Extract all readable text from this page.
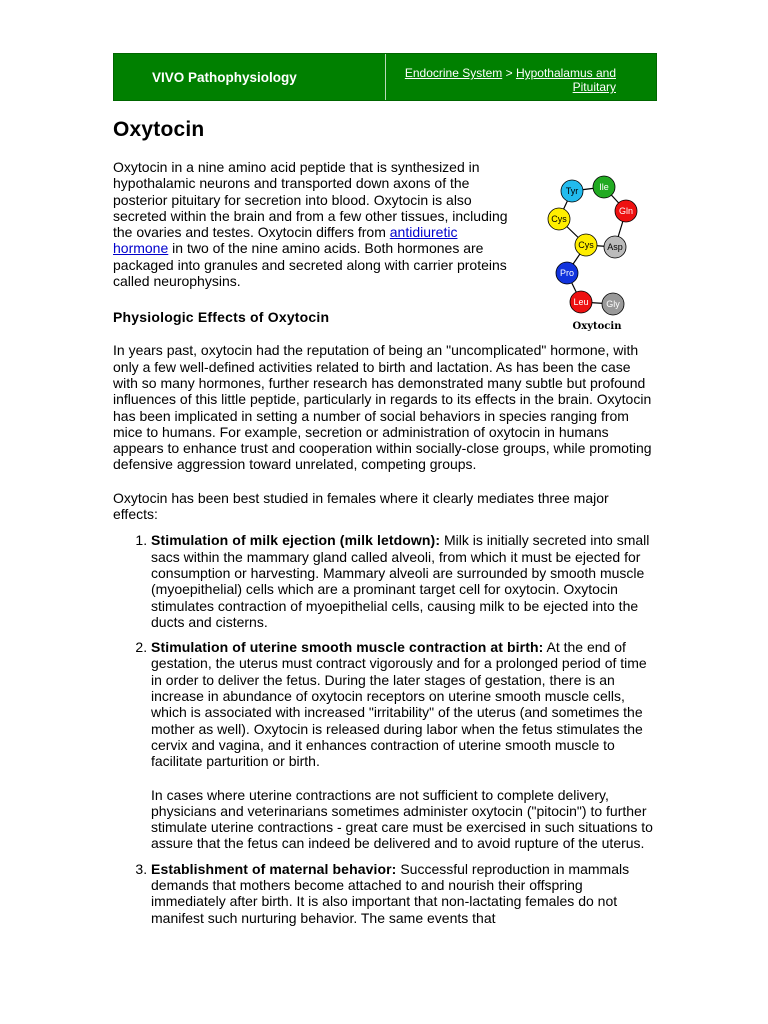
VIVO Pathophysiology	Endocrine System > Hypothalamus and Pituitary
Oxytocin

Oxytocin in a nine amino acid peptide that is synthesized in hypothalamic neurons and transported down axons of the posterior pituitary for secretion into blood. Oxytocin is also secreted within the brain and from a few other tissues, including the ovaries and testes. Oxytocin differs from antidiuretic hormone in two of the nine amino acids. Both hormones are packaged into granules and secreted along with carrier proteins called neurophysins.

Tyr Ile
Gln
Cys
Asp
Cys
Pro
Leu Gly
Oxytocin
Physiologic Effects of Oxytocin

In years past, oxytocin had the reputation of being an "uncomplicated" hormone, with only a few well-defined activities related to birth and lactation. As has been the case with so many hormones, further research has demonstrated many subtle but profound influences of this little peptide, particularly in regards to its effects in the brain. Oxytocin has been implicated in setting a number of social behaviors in species ranging from mice to humans. For example, secretion or administration of oxytocin in humans appears to enhance trust and cooperation within socially-close groups, while promoting defensive aggression toward unrelated, competing groups.

Oxytocin has been best studied in females where it clearly mediates three major effects:

1. Stimulation of milk ejection (milk letdown): Milk is initially secreted into small sacs within the mammary gland called alveoli, from which it must be ejected for consumption or harvesting. Mammary alveoli are surrounded by smooth muscle (myoepithelial) cells which are a prominant target cell for oxytocin. Oxytocin stimulates contraction of myoepithelial cells, causing milk to be ejected into the ducts and cisterns.
2. Stimulation of uterine smooth muscle contraction at birth: At the end of gestation, the uterus must contract vigorously and for a prolonged period of time in order to deliver the fetus. During the later stages of gestation, there is an increase in abundance of oxytocin receptors on uterine smooth muscle cells, which is associated with increased "irritability" of the uterus (and sometimes the mother as well). Oxytocin is released during labor when the fetus stimulates the cervix and vagina, and it enhances contraction of uterine smooth muscle to facilitate parturition or birth.

In cases where uterine contractions are not sufficient to complete delivery, physicians and veterinarians sometimes administer oxytocin ("pitocin") to further stimulate uterine contractions - great care must be exercised in such situations to assure that the fetus can indeed be delivered and to avoid rupture of the uterus.

3. Establishment of maternal behavior: Successful reproduction in mammals demands that mothers become attached to and nourish their offspring immediately after birth. It is also important that non-lactating females do not manifest such nurturing behavior. The same events that
